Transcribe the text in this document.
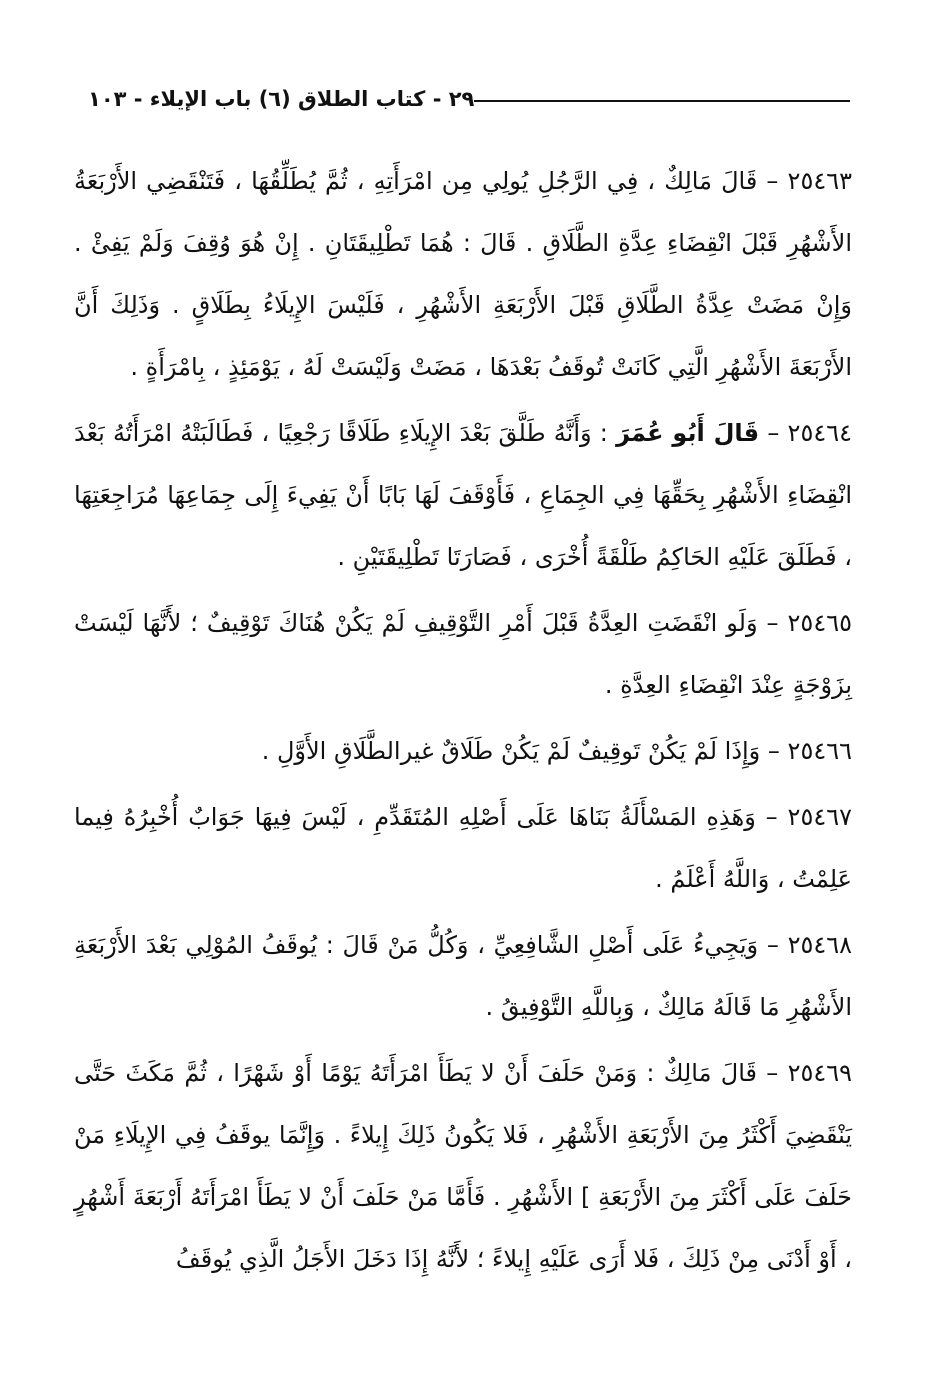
٢٩ - كتاب الطلاق (٦) باب الإيلاء - ١٠٣

٢٥٤٦٣ – قَالَ مَالِكٌ ، فِي الرَّجُلِ يُولِي مِن امْرَأَتِهِ ، ثُمَّ يُطَلِّقُهَا ، فَتَنْقَضِي الأَرْبَعَةُ الأَشْهُرِ قَبْلَ انْقِضَاءِ عِدَّةِ الطَّلَاقِ . قَالَ : هُمَا تَطْلِيقَتَانِ . إِنْ هُوَ وُقِفَ وَلَمْ يَفِئْ . وَإِنْ مَضَتْ عِدَّةُ الطَّلَاقِ قَبْلَ الأَرْبَعَةِ الأَشْهُرِ ، فَلَيْسَ الإِيلَاءُ بِطَلَاقٍ . وَذَلِكَ أَنَّ الأَرْبَعَةَ الأَشْهُرِ الَّتِي كَانَتْ تُوقَفُ بَعْدَهَا ، مَضَتْ وَلَيْسَتْ لَهُ ، يَوْمَئِذٍ ، بِامْرَأَةٍ .

٢٥٤٦٤ – قَالَ أَبُو عُمَرَ : وَأَنَّهُ طَلَّقَ بَعْدَ الإِيلَاءِ طَلَاقًا رَجْعِيًا ، فَطَالَبَتْهُ امْرَأَتُهُ بَعْدَ انْقِضَاءِ الأَشْهُرِ بِحَقِّهَا فِي الجِمَاعِ ، فَأَوْقَفَ لَهَا بَابًا أَنْ يَفِيءَ إِلَى جِمَاعِهَا مُرَاجِعَتِهَا ، فَطَلَقَ عَلَيْهِ الحَاكِمُ طَلْقَةً أُخْرَى ، فَصَارَتَا تَطْلِيقَتَيْنِ .

٢٥٤٦٥ – وَلَو انْقَضَتِ العِدَّةُ قَبْلَ أَمْرِ التَّوْقِيفِ لَمْ يَكُنْ هُنَاكَ تَوْقِيفٌ ؛ لأَنَّهَا لَيْسَتْ بِزَوْجَةٍ عِنْدَ انْقِضَاءِ العِدَّةِ .

٢٥٤٦٦ – وَإِذَا لَمْ يَكُنْ تَوقِيفٌ لَمْ يَكُنْ طَلَاقٌ غيرالطَّلَاقِ الأَوَّلِ .

٢٥٤٦٧ – وَهَذِهِ المَسْأَلَةُ بَنَاهَا عَلَى أَصْلِهِ المُتَقَدِّمِ ، لَيْسَ فِيهَا جَوَابٌ أُخْبِرُهُ فِيما عَلِمْتُ ، وَاللَّهُ أَعْلَمُ .

٢٥٤٦٨ – وَيَجِيءُ عَلَى أَصْلِ الشَّافِعِيِّ ، وَكُلُّ مَنْ قَالَ : يُوقَفُ المُوْلِي بَعْدَ الأَرْبَعَةِ الأَشْهُرِ مَا قَالَهُ مَالِكٌ ، وَبِاللَّهِ التَّوْفِيقُ .

٢٥٤٦٩ – قَالَ مَالِكٌ : وَمَنْ حَلَفَ أَنْ لا يَطَأَ امْرَأَتَهُ يَوْمًا أَوْ شَهْرًا ، ثُمَّ مَكَثَ حَتَّى يَنْقَضِيَ أَكْثَرُ مِنَ الأَرْبَعَةِ الأَشْهُرِ ، فَلا يَكُونُ ذَلِكَ إِيلاءً . وَإِنَّمَا يوقَفُ فِي الإِيلَاءِ مَنْ حَلَفَ عَلَى أَكْثَرَ مِنَ الأَرْبَعَةِ ] الأَشْهُرِ . فَأَمَّا مَنْ حَلَفَ أَنْ لا يَطَأَ امْرَأَتَهُ أَرْبَعَةَ أَشْهُرٍ ، أَوْ أَدْنَى مِنْ ذَلِكَ ، فَلا أَرَى عَلَيْهِ إِيلاءً ؛ لأَنَّهُ إِذَا دَخَلَ الأَجَلُ الَّذِي يُوقَفُ
